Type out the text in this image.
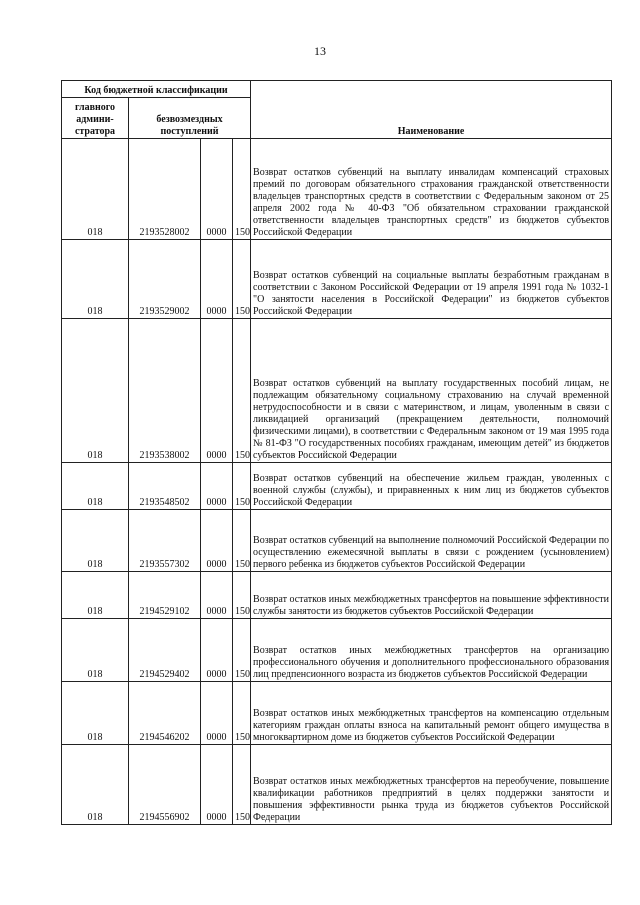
13
Код бюджетной классификации				Наименование
главного админи-стратора	безвозмездных поступлений			
018	2193528002	0000	150	Возврат остатков субвенций на выплату инвалидам компенсаций страховых премий по договорам обязательного страхования гражданской ответственности владельцев транспортных средств в соответствии с Федеральным законом от 25 апреля 2002 года № 40-ФЗ "Об обязательном страховании гражданской ответственности владельцев транспортных средств" из бюджетов субъектов Российской Федерации
018	2193529002	0000	150	Возврат остатков субвенций на социальные выплаты безработным гражданам в соответствии с Законом Российской Федерации от 19 апреля 1991 года № 1032-1 "О занятости населения в Российской Федерации" из бюджетов субъектов Российской Федерации
018	2193538002	0000	150	Возврат остатков субвенций на выплату государственных пособий лицам, не подлежащим обязательному социальному страхованию на случай временной нетрудоспособности и в связи с материнством, и лицам, уволенным в связи с ликвидацией организаций (прекращением деятельности, полномочий физическими лицами), в соответствии с Федеральным законом от 19 мая 1995 года № 81-ФЗ "О государственных пособиях гражданам, имеющим детей" из бюджетов субъектов Российской Федерации
018	2193548502	0000	150	Возврат остатков субвенций на обеспечение жильем граждан, уволенных с военной службы (службы), и приравненных к ним лиц из бюджетов субъектов Российской Федерации
018	2193557302	0000	150	Возврат остатков субвенций на выполнение полномочий Российской Федерации по осуществлению ежемесячной выплаты в связи с рождением (усыновлением) первого ребенка из бюджетов субъектов Российской Федерации
018	2194529102	0000	150	Возврат остатков иных межбюджетных трансфертов на повышение эффективности службы занятости из бюджетов субъектов Российской Федерации
018	2194529402	0000	150	Возврат остатков иных межбюджетных трансфертов на организацию профессионального обучения и дополнительного профессионального образования лиц предпенсионного возраста из бюджетов субъектов Российской Федерации
018	2194546202	0000	150	Возврат остатков иных межбюджетных трансфертов на компенсацию отдельным категориям граждан оплаты взноса на капитальный ремонт общего имущества в многоквартирном доме из бюджетов субъектов Российской Федерации
018	2194556902	0000	150	Возврат остатков иных межбюджетных трансфертов на переобучение, повышение квалификации работников предприятий в целях поддержки занятости и повышения эффективности рынка труда из бюджетов субъектов Российской Федерации
